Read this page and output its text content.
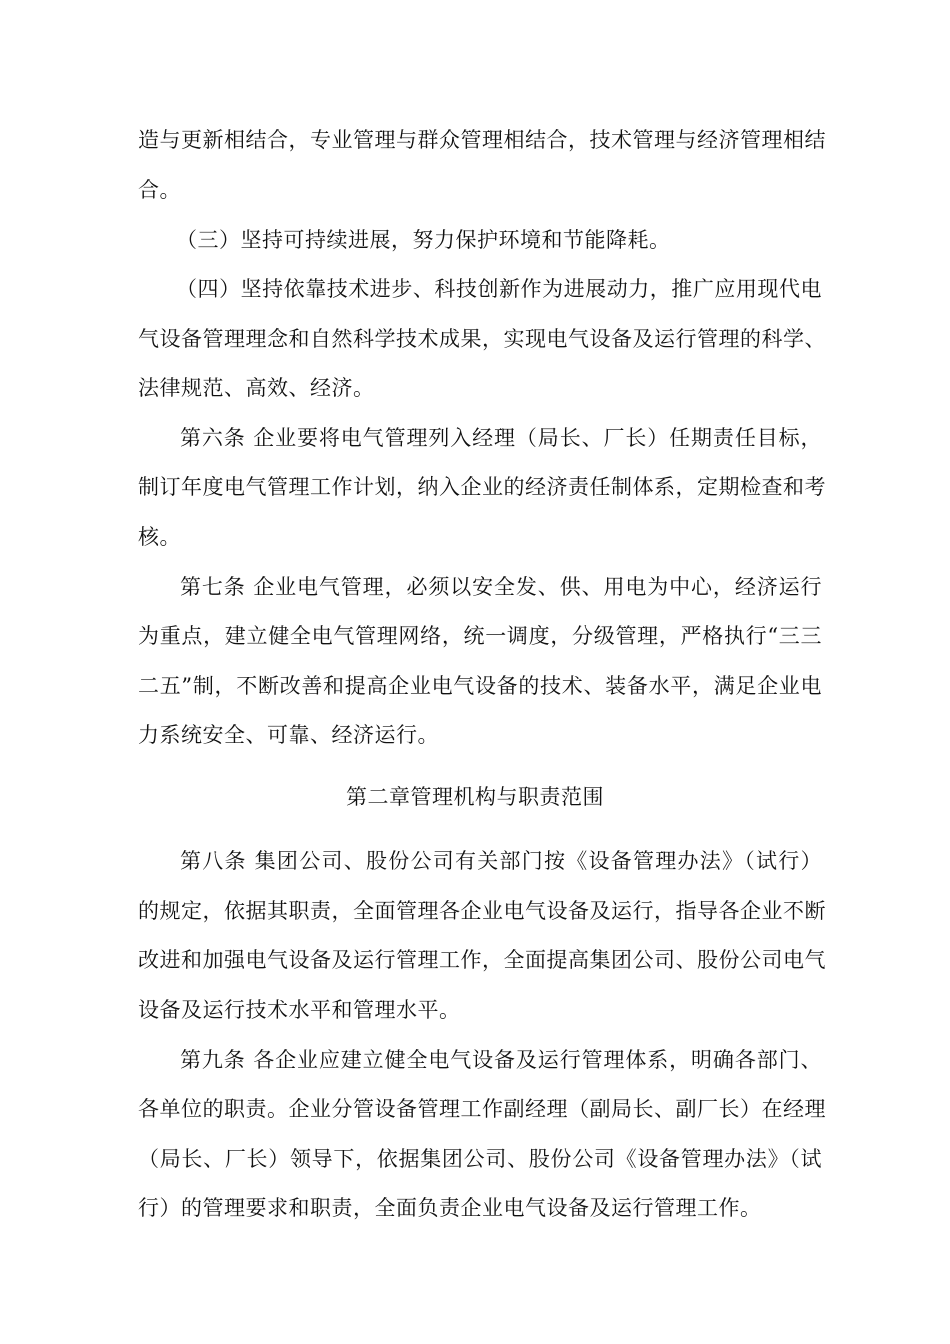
造与更新相结合，专业管理与群众管理相结合，技术管理与经济管理相结
合。
（三）坚持可持续进展，努力保护环境和节能降耗。
（四）坚持依靠技术进步、科技创新作为进展动力，推广应用现代电
气设备管理理念和自然科学技术成果，实现电气设备及运行管理的科学、
法律规范、高效、经济。
第六条 企业要将电气管理列入经理（局长、厂长）任期责任目标，
制订年度电气管理工作计划，纳入企业的经济责任制体系，定期检查和考
核。
第七条 企业电气管理，必须以安全发、供、用电为中心，经济运行
为重点，建立健全电气管理网络，统一调度，分级管理，严格执行“三三
二五”制，不断改善和提高企业电气设备的技术、装备水平，满足企业电
力系统安全、可靠、经济运行。
第二章管理机构与职责范围
第八条 集团公司、股份公司有关部门按《设备管理办法》（试行）
的规定，依据其职责，全面管理各企业电气设备及运行，指导各企业不断
改进和加强电气设备及运行管理工作，全面提高集团公司、股份公司电气
设备及运行技术水平和管理水平。
第九条 各企业应建立健全电气设备及运行管理体系，明确各部门、
各单位的职责。企业分管设备管理工作副经理（副局长、副厂长）在经理
（局长、厂长）领导下，依据集团公司、股份公司《设备管理办法》（试
行）的管理要求和职责，全面负责企业电气设备及运行管理工作。
